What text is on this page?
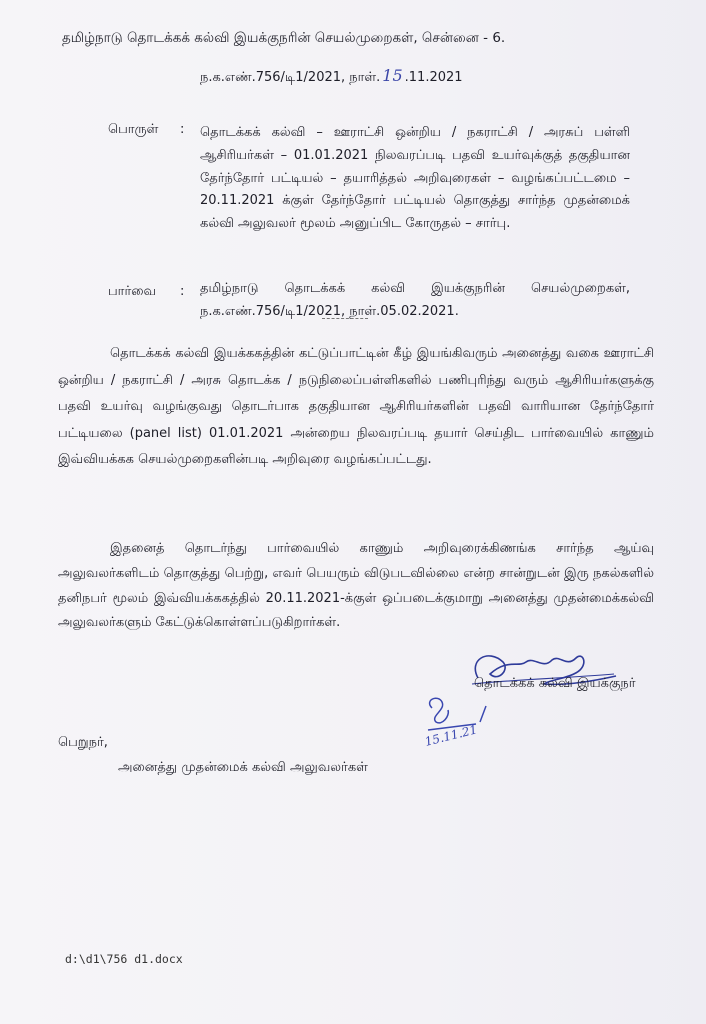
தமிழ்நாடு தொடக்கக் கல்வி இயக்குநரின் செயல்முறைகள், சென்னை - 6.
ந.க.எண்.756/டி1/2021, நாள். 15 .11.2021
பொருள் : தொடக்கக் கல்வி – ஊராட்சி ஒன்றிய / நகராட்சி / அரசுப் பள்ளி ஆசிரியர்கள் – 01.01.2021 நிலவரப்படி பதவி உயர்வுக்குத் தகுதியான தேர்ந்தோர் பட்டியல் – தயாரித்தல் அறிவுரைகள் – வழங்கப்பட்டமை – 20.11.2021 க்குள் தேர்ந்தோர் பட்டியல் தொகுத்து சார்ந்த முதன்மைக் கல்வி அலுவலர் மூலம் அனுப்பிட கோருதல் – சார்பு.
பார்வை : தமிழ்நாடு தொடக்கக் கல்வி இயக்குநரின் செயல்முறைகள், ந.க.எண்.756/டி1/2021, நாள்.05.02.2021.
தொடக்கக் கல்வி இயக்ககத்தின் கட்டுப்பாட்டின் கீழ் இயங்கிவரும் அனைத்து வகை ஊராட்சி ஒன்றிய / நகராட்சி / அரசு தொடக்க / நடுநிலைப்பள்ளிகளில் பணிபுரிந்து வரும் ஆசிரியர்களுக்கு பதவி உயர்வு வழங்குவது தொடர்பாக தகுதியான ஆசிரியர்களின் பதவி வாரியான தேர்ந்தோர் பட்டியலை (panel list) 01.01.2021 அன்றைய நிலவரப்படி தயார் செய்திட பார்வையில் காணும் இவ்வியக்கக செயல்முறைகளின்படி அறிவுரை வழங்கப்பட்டது.
இதனைத் தொடர்ந்து பார்வையில் காணும் அறிவுரைக்கிணங்க சார்ந்த ஆய்வு அலுவலர்களிடம் தொகுத்து பெற்று, எவர் பெயரும் விடுபடவில்லை என்ற சான்றுடன் இரு நகல்களில் தனிநபர் மூலம் இவ்வியக்ககத்தில் 20.11.2021-க்குள் ஒப்படைக்குமாறு அனைத்து முதன்மைக்கல்வி அலுவலர்களும் கேட்டுக்கொள்ளப்படுகிறார்கள்.
தொடக்கக் கல்வி இயக்குநர்
15.11.21
பெறுநர்,
அனைத்து முதன்மைக் கல்வி அலுவலர்கள்
d:\d1\756 d1.docx
